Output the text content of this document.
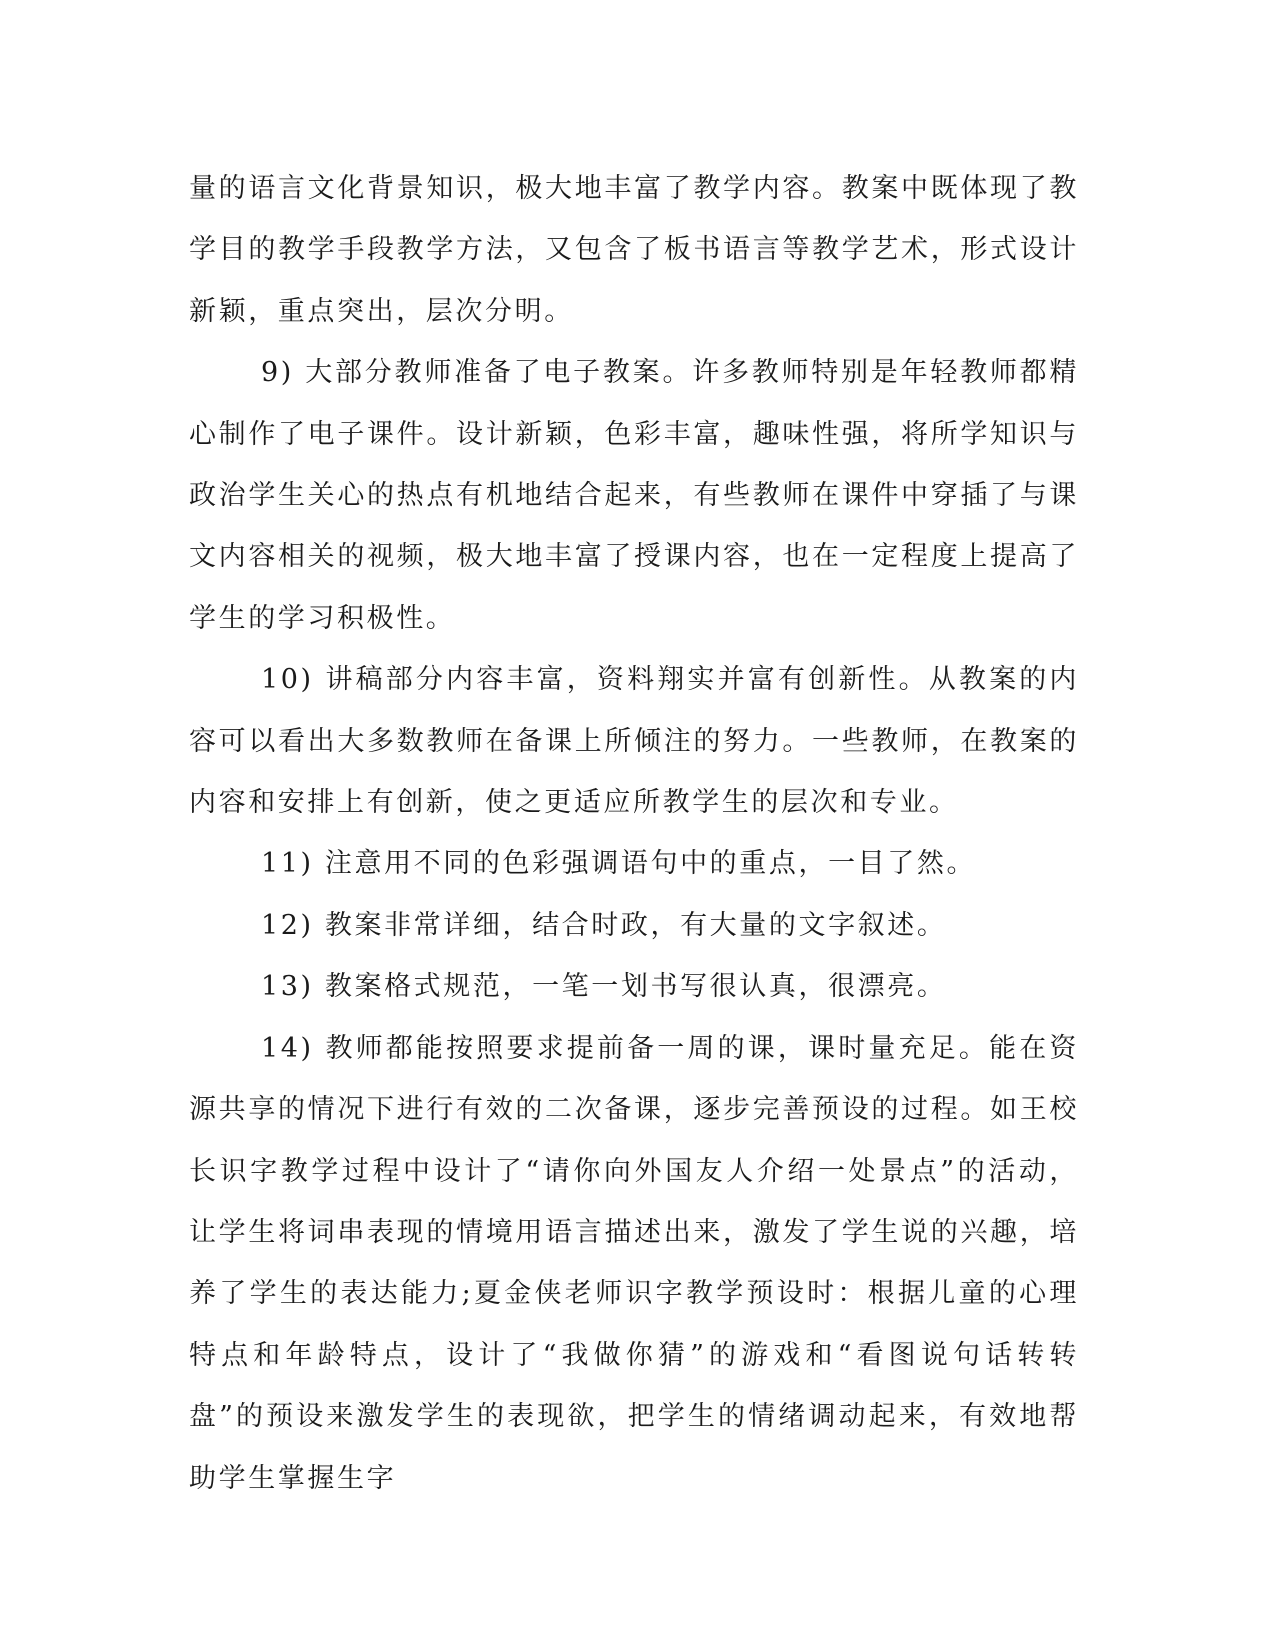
量的语言文化背景知识，极大地丰富了教学内容。教案中既体现了教学目的教学手段教学方法，又包含了板书语言等教学艺术，形式设计新颖，重点突出，层次分明。

9) 大部分教师准备了电子教案。许多教师特别是年轻教师都精心制作了电子课件。设计新颖，色彩丰富，趣味性强，将所学知识与政治学生关心的热点有机地结合起来，有些教师在课件中穿插了与课文内容相关的视频，极大地丰富了授课内容，也在一定程度上提高了学生的学习积极性。

10) 讲稿部分内容丰富，资料翔实并富有创新性。从教案的内容可以看出大多数教师在备课上所倾注的努力。一些教师，在教案的内容和安排上有创新，使之更适应所教学生的层次和专业。

11) 注意用不同的色彩强调语句中的重点，一目了然。

12) 教案非常详细，结合时政，有大量的文字叙述。

13) 教案格式规范，一笔一划书写很认真，很漂亮。

14) 教师都能按照要求提前备一周的课，课时量充足。能在资源共享的情况下进行有效的二次备课，逐步完善预设的过程。如王校长识字教学过程中设计了“请你向外国友人介绍一处景点”的活动，让学生将词串表现的情境用语言描述出来，激发了学生说的兴趣，培养了学生的表达能力;夏金侠老师识字教学预设时：根据儿童的心理特点和年龄特点，设计了“我做你猜”的游戏和“看图说句话转转盘”的预设来激发学生的表现欲，把学生的情绪调动起来，有效地帮助学生掌握生字
